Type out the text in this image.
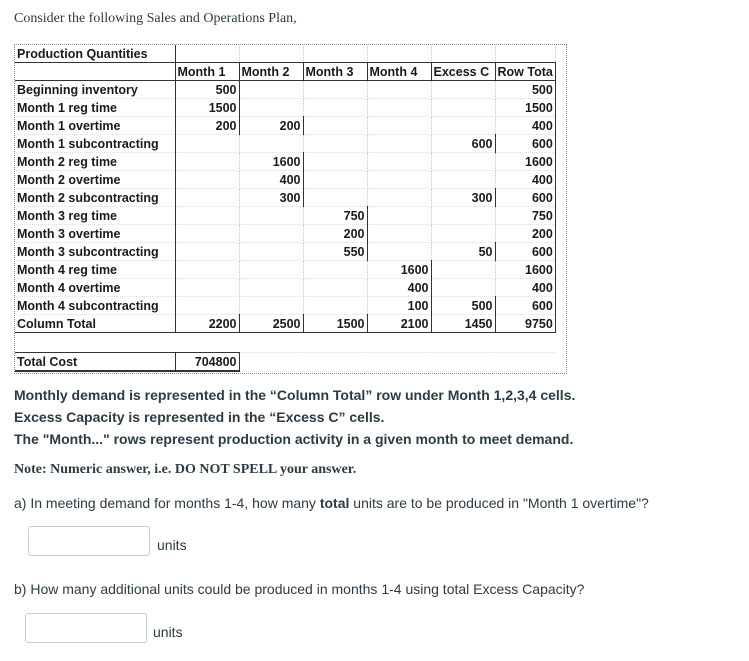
Consider the following Sales and Operations Plan,
Production Quantities						
	Month 1	Month 2	Month 3	Month 4	Excess C	Row Tota
Beginning inventory	500					500
Month 1 reg time	1500					1500
Month 1 overtime	200	200				400
Month 1 subcontracting					600	600
Month 2 reg time		1600				1600
Month 2 overtime		400				400
Month 2 subcontracting		300			300	600
Month 3 reg time			750			750
Month 3 overtime			200			200
Month 3 subcontracting			550		50	600
Month 4 reg time				1600		1600
Month 4 overtime				400		400
Month 4 subcontracting				100	500	600
Column Total	2200	2500	1500	2100	1450	9750

Total Cost	704800					
Monthly demand is represented in the “Column Total” row under Month 1,2,3,4 cells.
Excess Capacity is represented in the “Excess C” cells.
The "Month..." rows represent production activity in a given month to meet demand.
Note: Numeric answer, i.e. DO NOT SPELL your answer.
a) In meeting demand for months 1-4, how many total units are to be produced in "Month 1 overtime"?
units
b) How many additional units could be produced in months 1-4 using total Excess Capacity?
units
